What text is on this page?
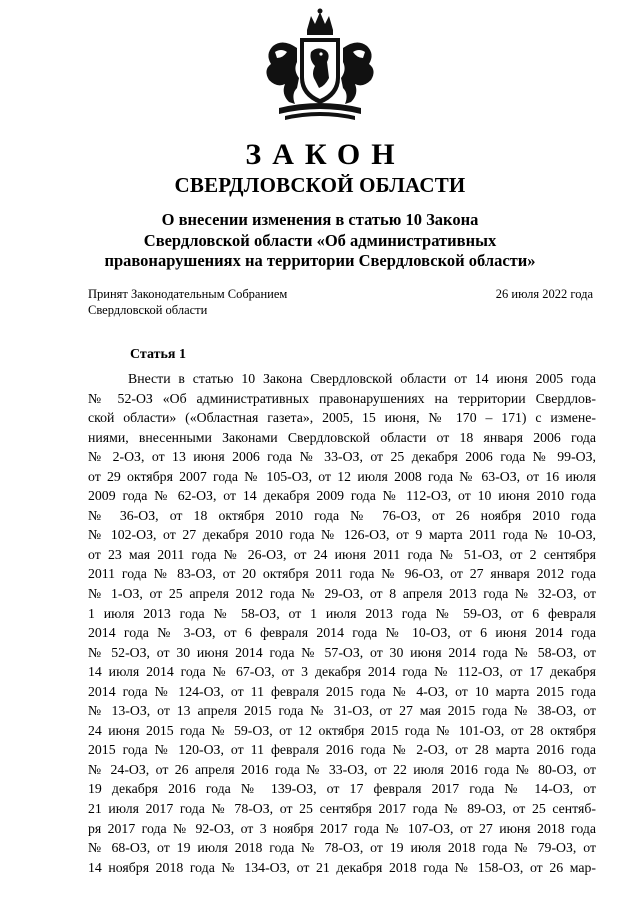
ЗАКОН
СВЕРДЛОВСКОЙ ОБЛАСТИ
О внесении изменения в статью 10 Закона
Свердловской области «Об административных
правонарушениях на территории Свердловской области»
Принят Законодательным Собранием
Свердловской области
26 июля 2022 года
Статья 1
Внести в статью 10 Закона Свердловской области от 14 июня 2005 года
№ 52-ОЗ «Об административных правонарушениях на территории Свердлов-
ской области» («Областная газета», 2005, 15 июня, № 170 – 171) с измене-
ниями, внесенными Законами Свердловской области от 18 января 2006 года
№ 2-ОЗ, от 13 июня 2006 года № 33-ОЗ, от 25 декабря 2006 года № 99-ОЗ,
от 29 октября 2007 года № 105-ОЗ, от 12 июля 2008 года № 63-ОЗ, от 16 июля
2009 года № 62-ОЗ, от 14 декабря 2009 года № 112-ОЗ, от 10 июня 2010 года
№ 36-ОЗ, от 18 октября 2010 года № 76-ОЗ, от 26 ноября 2010 года
№ 102-ОЗ, от 27 декабря 2010 года № 126-ОЗ, от 9 марта 2011 года № 10-ОЗ,
от 23 мая 2011 года № 26-ОЗ, от 24 июня 2011 года № 51-ОЗ, от 2 сентября
2011 года № 83-ОЗ, от 20 октября 2011 года № 96-ОЗ, от 27 января 2012 года
№ 1-ОЗ, от 25 апреля 2012 года № 29-ОЗ, от 8 апреля 2013 года № 32-ОЗ, от
1 июля 2013 года № 58-ОЗ, от 1 июля 2013 года № 59-ОЗ, от 6 февраля
2014 года № 3-ОЗ, от 6 февраля 2014 года № 10-ОЗ, от 6 июня 2014 года
№ 52-ОЗ, от 30 июня 2014 года № 57-ОЗ, от 30 июня 2014 года № 58-ОЗ, от
14 июля 2014 года № 67-ОЗ, от 3 декабря 2014 года № 112-ОЗ, от 17 декабря
2014 года № 124-ОЗ, от 11 февраля 2015 года № 4-ОЗ, от 10 марта 2015 года
№ 13-ОЗ, от 13 апреля 2015 года № 31-ОЗ, от 27 мая 2015 года № 38-ОЗ, от
24 июня 2015 года № 59-ОЗ, от 12 октября 2015 года № 101-ОЗ, от 28 октября
2015 года № 120-ОЗ, от 11 февраля 2016 года № 2-ОЗ, от 28 марта 2016 года
№ 24-ОЗ, от 26 апреля 2016 года № 33-ОЗ, от 22 июля 2016 года № 80-ОЗ, от
19 декабря 2016 года № 139-ОЗ, от 17 февраля 2017 года № 14-ОЗ, от
21 июля 2017 года № 78-ОЗ, от 25 сентября 2017 года № 89-ОЗ, от 25 сентяб-
ря 2017 года № 92-ОЗ, от 3 ноября 2017 года № 107-ОЗ, от 27 июня 2018 года
№ 68-ОЗ, от 19 июля 2018 года № 78-ОЗ, от 19 июля 2018 года № 79-ОЗ, от
14 ноября 2018 года № 134-ОЗ, от 21 декабря 2018 года № 158-ОЗ, от 26 мар-
